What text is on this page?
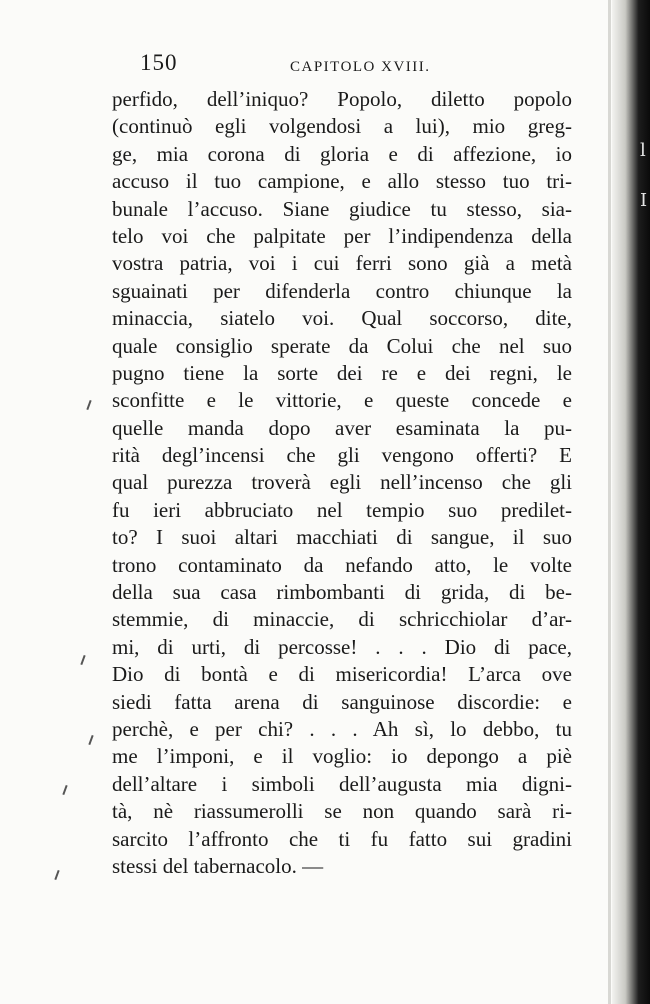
l
I
150	CAPITOLO XVIII.
perfido, dell’iniquo? Popolo, diletto popolo
(continuò egli volgendosi a lui), mio greg-
ge, mia corona di gloria e di affezione, io
accuso il tuo campione, e allo stesso tuo tri-
bunale l’accuso. Siane giudice tu stesso, sia-
telo voi che palpitate per l’indipendenza della
vostra patria, voi i cui ferri sono già a metà
sguainati per difenderla contro chiunque la
minaccia, siatelo voi. Qual soccorso, dite,
quale consiglio sperate da Colui che nel suo
pugno tiene la sorte dei re e dei regni, le
sconfitte e le vittorie, e queste concede e
quelle manda dopo aver esaminata la pu-
rità degl’incensi che gli vengono offerti? E
qual purezza troverà egli nell’incenso che gli
fu ieri abbruciato nel tempio suo predilet-
to? I suoi altari macchiati di sangue, il suo
trono contaminato da nefando atto, le volte
della sua casa rimbombanti di grida, di be-
stemmie, di minaccie, di schricchiolar d’ar-
mi, di urti, di percosse! . . . Dio di pace,
Dio di bontà e di misericordia! L’arca ove
siedi fatta arena di sanguinose discordie: e
perchè, e per chi? . . . Ah sì, lo debbo, tu
me l’imponi, e il voglio: io depongo a piè
dell’altare i simboli dell’augusta mia digni-
tà, nè riassumerolli se non quando sarà ri-
sarcito l’affronto che ti fu fatto sui gradini
stessi del tabernacolo. —
